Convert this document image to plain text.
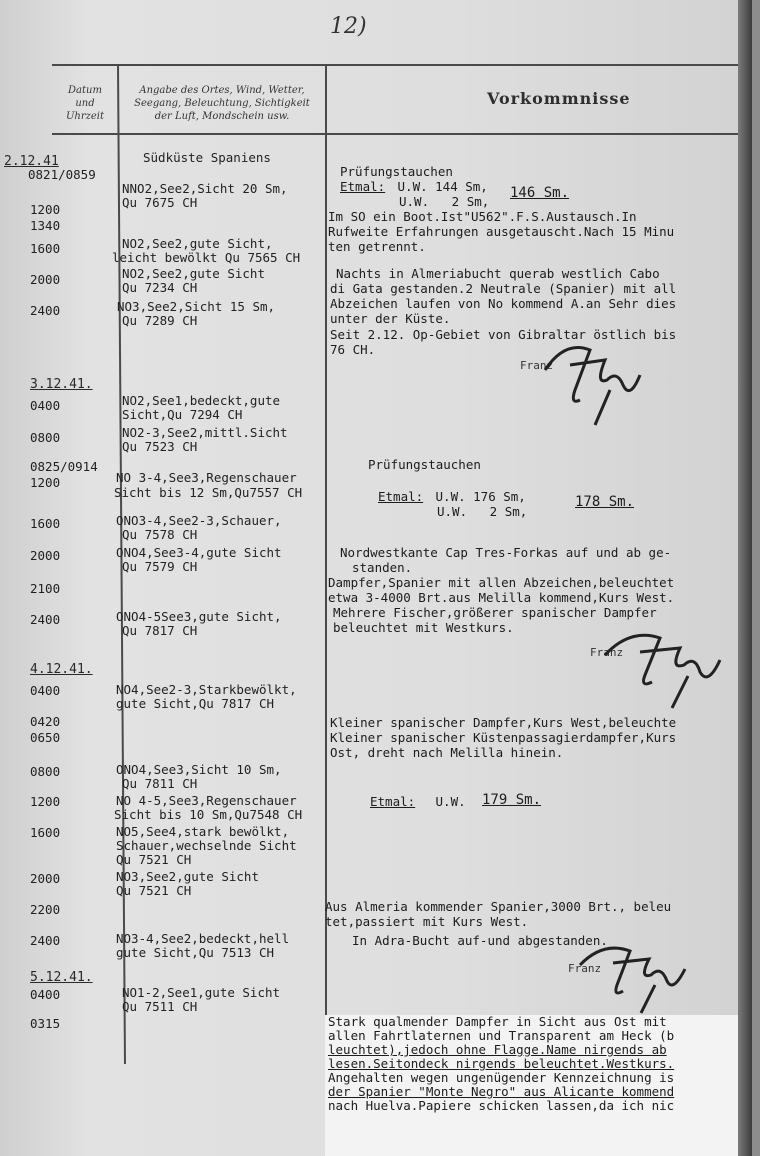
12)
Datum
und
Uhrzeit
Angabe des Ortes, Wind, Wetter,
Seegang, Beleuchtung, Sichtigkeit
der Luft, Mondschein usw.
Vorkommnisse
2.12.41
3.12.41.
4.12.41.
5.12.41.
0821/0859
1200
1340
1600
2000
2400
0400
0800
0825/0914
1200
1600
2000
2100
2400
0400
0420
0650
0800
1200
1600
2000
2200
2400
0400
0315
Südküste Spaniens
NNO2,See2,Sicht 20 Sm,
Qu 7675 CH
NO2,See2,gute Sicht,
leicht bewölkt Qu 7565 CH
NO2,See2,gute Sicht
Qu 7234 CH
NO3,See2,Sicht 15 Sm,
Qu 7289 CH
NO2,See1,bedeckt,gute
Sicht,Qu 7294 CH
NO2-3,See2,mittl.Sicht
Qu 7523 CH
NO 3-4,See3,Regenschauer
Sicht bis 12 Sm,Qu7557 CH
ONO3-4,See2-3,Schauer,
Qu 7578 CH
ONO4,See3-4,gute Sicht
Qu 7579 CH
ONO4-5See3,gute Sicht,
Qu 7817 CH
NO4,See2-3,Starkbewölkt,
gute Sicht,Qu 7817 CH
ONO4,See3,Sicht 10 Sm,
Qu 7811 CH
NO 4-5,See3,Regenschauer
Sicht bis 10 Sm,Qu7548 CH
NO5,See4,stark bewölkt,
Schauer,wechselnde Sicht
Qu 7521 CH
NO3,See2,gute Sicht
Qu 7521 CH
NO3-4,See2,bedeckt,hell
gute Sicht,Qu 7513 CH
NO1-2,See1,gute Sicht
Qu 7511 CH
Prüfungstauchen
Etmal: U.W. 144 Sm,
U.W.   2 Sm,
146 Sm.
Im SO ein Boot.Ist"U562".F.S.Austausch.In
Rufweite Erfahrungen ausgetauscht.Nach 15 Minu
ten getrennt.
Nachts in Almeriabucht querab westlich Cabo
di Gata gestanden.2 Neutrale (Spanier) mit all
Abzeichen laufen von No kommend A.an Sehr dies
unter der Küste.
Seit 2.12. Op-Gebiet von Gibraltar östlich bis
76 CH.
Franz
Prüfungstauchen
Etmal: U.W. 176 Sm,
U.W.   2 Sm,
178 Sm.
Nordwestkante Cap Tres-Forkas auf und ab ge-
standen.
Dampfer,Spanier mit allen Abzeichen,beleuchtet
etwa 3-4000 Brt.aus Melilla kommend,Kurs West.
Mehrere Fischer,größerer spanischer Dampfer
beleuchtet mit Westkurs.
Franz
Kleiner spanischer Dampfer,Kurs West,beleuchte
Kleiner spanischer Küstenpassagierdampfer,Kurs
Ost, dreht nach Melilla hinein.
Etmal: U.W. 179 Sm.
Aus Almeria kommender Spanier,3000 Brt., beleu
tet,passiert mit Kurs West.
In Adra-Bucht auf-und abgestanden.
Franz
Stark qualmender Dampfer in Sicht aus Ost mit
allen Fahrtlaternen und Transparent am Heck (b
leuchtet),jedoch ohne Flagge.Name nirgends ab
lesen.Seitondeck nirgends beleuchtet.Westkurs.
Angehalten wegen ungenügender Kennzeichnung is
der Spanier "Monte Negro" aus Alicante kommend
nach Huelva.Papiere schicken lassen,da ich nic
